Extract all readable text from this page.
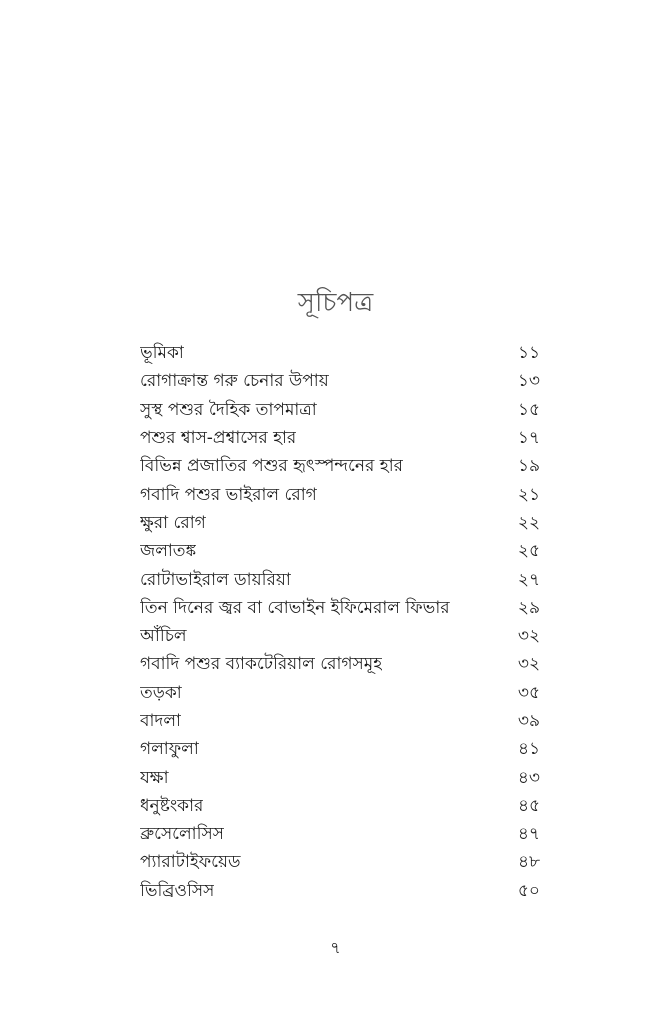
সূচিপত্র
ভূমিকা	১১
রোগাক্রান্ত গরু চেনার উপায়	১৩
সুস্থ পশুর দৈহিক তাপমাত্রা	১৫
পশুর শ্বাস-প্রশ্বাসের হার	১৭
বিভিন্ন প্রজাতির পশুর হৃৎস্পন্দনের হার	১৯
গবাদি পশুর ভাইরাল রোগ	২১
ক্ষুরা রোগ	২২
জলাতঙ্ক	২৫
রোটাভাইরাল ডায়রিয়া	২৭
তিন দিনের জ্বর বা বোভাইন ইফিমেরাল ফিভার	২৯
আঁচিল	৩২
গবাদি পশুর ব্যাকটেরিয়াল রোগসমূহ	৩২
তড়কা	৩৫
বাদলা	৩৯
গলাফুলা	৪১
যক্ষা	৪৩
ধনুষ্টংকার	৪৫
ব্রুসেলোসিস	৪৭
প্যারাটাইফয়েড	৪৮
ভিব্রিওসিস	৫০
৭
